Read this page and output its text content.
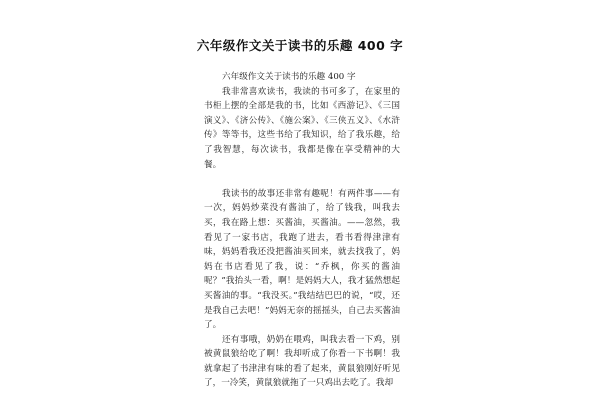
六年级作文关于读书的乐趣 400 字

六年级作文关于读书的乐趣 400 字

我非常喜欢读书，我读的书可多了，在家里的书柜上摆的全部是我的书，比如《西游记》、《三国演义》、《济公传》、《施公案》、《三侠五义》、《水浒传》等等书，这些书给了我知识，给了我乐趣，给了我智慧，每次读书，我都是像在享受精神的大餐。

我读书的故事还非常有趣呢！有两件事——有一次，妈妈炒菜没有酱油了，给了钱我，叫我去买，我在路上想：买酱油，买酱油。——忽然，我看见了一家书店，我跑了进去，看书看得津津有味，妈妈看我还没把酱油买回来，就去找我了，妈妈在书店看见了我，说：“乔枫，你买的酱油呢？”我抬头一看，啊！是妈妈大人，我才猛然想起买酱油的事。“我没买。”我结结巴巴的说，“哎，还是我自己去吧！”妈妈无奈的摇摇头，自己去买酱油了。

还有事哦，奶奶在喂鸡，叫我去看一下鸡，别被黄鼠狼给吃了啊！我却听成了你看一下书啊！我就拿起了书津津有味的看了起来，黄鼠狼刚好听见了，一冷笑，黄鼠狼就拖了一只鸡出去吃了。我却
